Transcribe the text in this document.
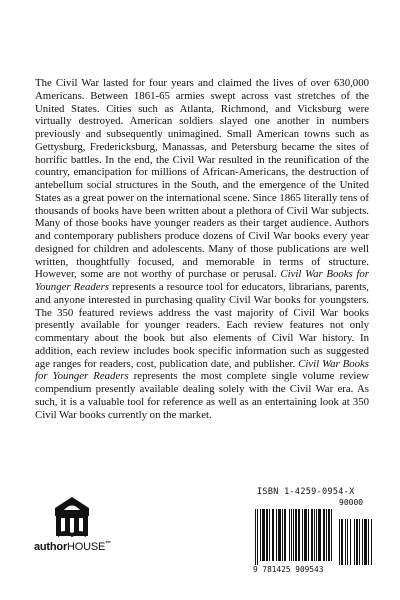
The Civil War lasted for four years and claimed the lives of over 630,000 Americans. Between 1861-65 armies swept across vast stretches of the United States. Cities such as Atlanta, Richmond, and Vicksburg were virtually destroyed. American soldiers slayed one another in numbers previously and subsequently unimagined. Small American towns such as Gettysburg, Fredericksburg, Manassas, and Petersburg became the sites of horrific battles. In the end, the Civil War resulted in the reunification of the country, emancipation for millions of African-Americans, the destruction of antebellum social structures in the South, and the emergence of the United States as a great power on the international scene. Since 1865 literally tens of thousands of books have been written about a plethora of Civil War subjects. Many of those books have younger readers as their target audience. Authors and contemporary publishers produce dozens of Civil War books every year designed for children and adolescents. Many of those publications are well written, thoughtfully focused, and memorable in terms of structure. However, some are not worthy of purchase or perusal. Civil War Books for Younger Readers represents a resource tool for educators, librarians, parents, and anyone interested in purchasing quality Civil War books for youngsters. The 350 featured reviews address the vast majority of Civil War books presently available for younger readers. Each review features not only commentary about the book but also elements of Civil War history. In addition, each review includes book specific information such as suggested age ranges for readers, cost, publication date, and publisher. Civil War Books for Younger Readers represents the most complete single volume review compendium presently available dealing solely with the Civil War era. As such, it is a valuable tool for reference as well as an entertaining look at 350 Civil War books currently on the market.

authorHOUSE™
ISBN 1-4259-0954-X
90000
9 781425 909543
